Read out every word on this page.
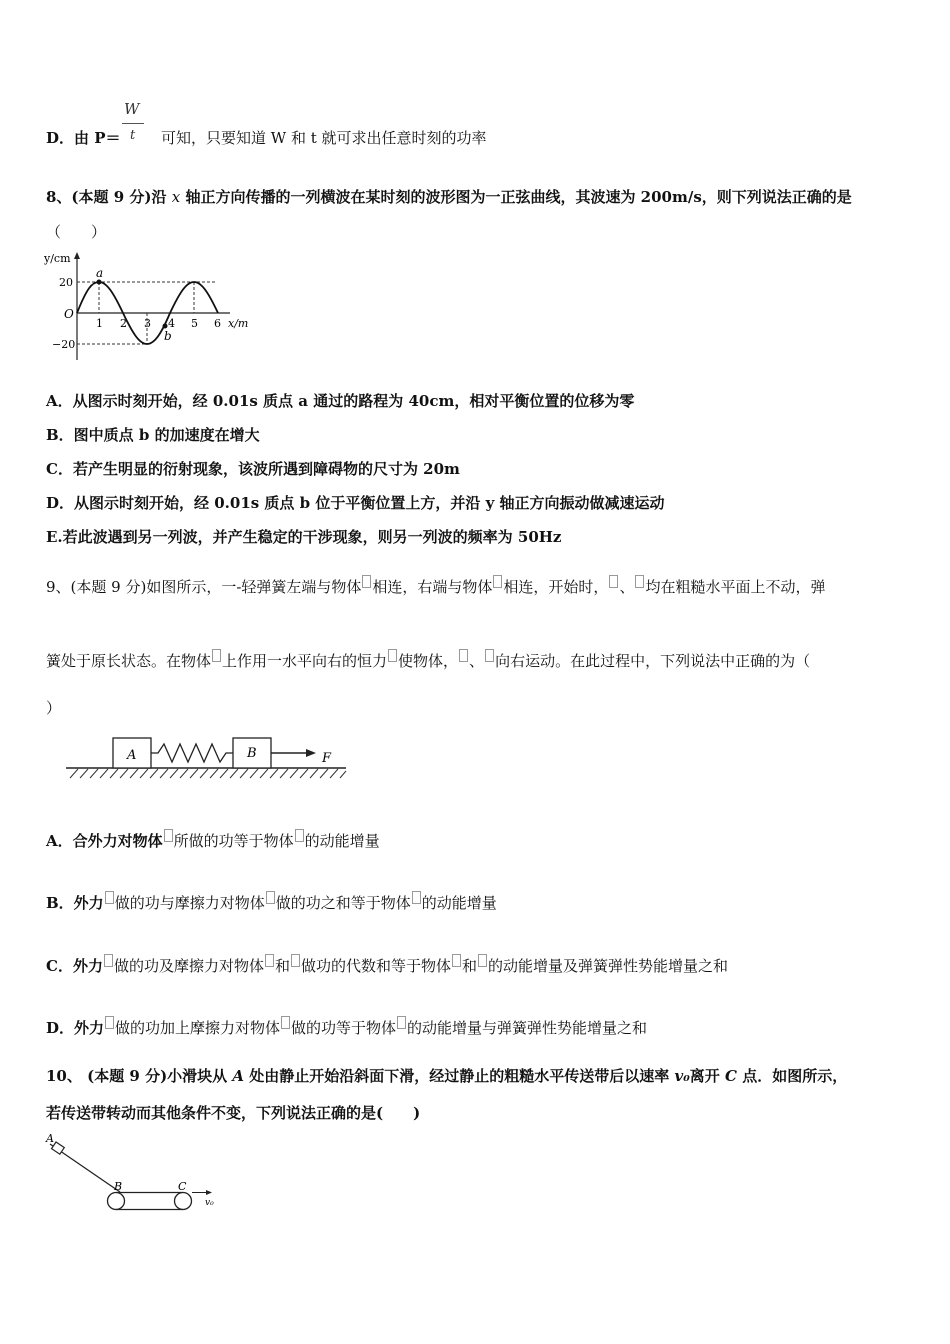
D．由 P＝	可知，只要知道 W 和 t 就可求出任意时刻的功率
W
t
8、(本题 9 分)沿 x 轴正方向传播的一列横波在某时刻的波形图为一正弦曲线，其波速为 200m/s，则下列说法正确的是
（　　）
y/cm
20
−20
O
1 2 3 4 5 6 x/m
a
b
A．从图示时刻开始，经 0.01s 质点 a 通过的路程为 40cm，相对平衡位置的位移为零
B．图中质点 b 的加速度在增大
C．若产生明显的衍射现象，该波所遇到障碍物的尺寸为 20m
D．从图示时刻开始，经 0.01s 质点 b 位于平衡位置上方，并沿 y 轴正方向振动做减速运动
E.若此波遇到另一列波，并产生稳定的干涉现象，则另一列波的频率为 50Hz
9、(本题 9 分)如图所示，一-轻弹簧左端与物体 相连，右端与物体 相连，开始时， 、 均在粗糙水平面上不动，弹
簧处于原长状态。在物体 上作用一水平向右的恒力 使物体， 、 向右运动。在此过程中，下列说法中正确的为（
）
A	B	F
A．合外力对物体 所做的功等于物体 的动能增量
B．外力 做的功与摩擦力对物体 做的功之和等于物体 的动能增量
C．外力 做的功及摩擦力对物体 和 做功的代数和等于物体 和 的动能增量及弹簧弹性势能增量之和
D．外力 做的功加上摩擦力对物体 做的功等于物体 的动能增量与弹簧弹性势能增量之和
10、 (本题 9 分)小滑块从 A 处由静止开始沿斜面下滑，经过静止的粗糙水平传送带后以速率 v₀离开 C 点．如图所示，
若传送带转动而其他条件不变，下列说法正确的是(　　)
A
B	C
v₀
